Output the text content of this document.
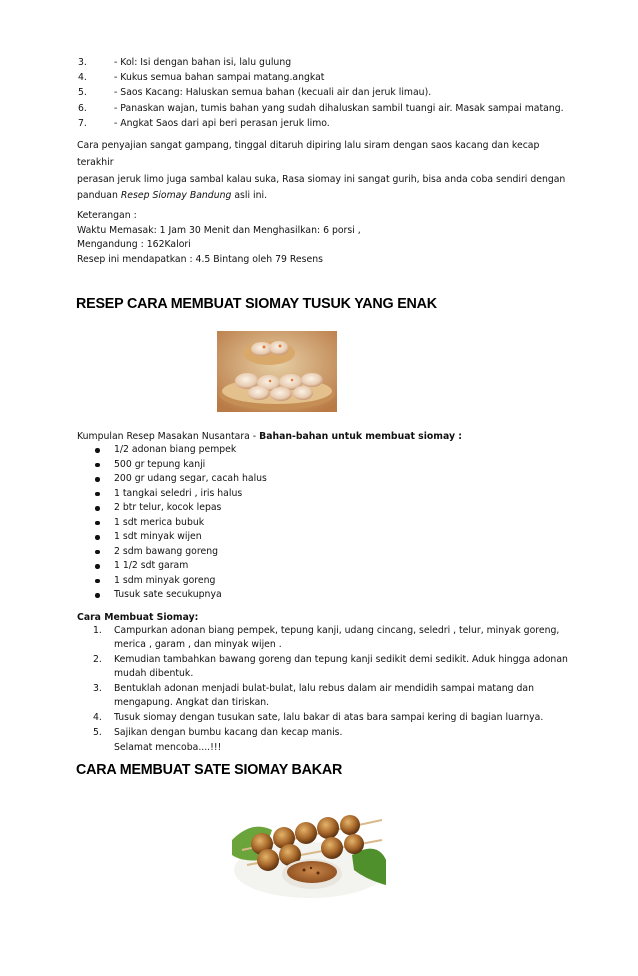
3.	- Kol: Isi dengan bahan isi, lalu gulung
4.	- Kukus semua bahan sampai matang.angkat
5.	- Saos Kacang: Haluskan semua bahan (kecuali air dan jeruk limau).
6.	- Panaskan wajan, tumis bahan yang sudah dihaluskan sambil tuangi air. Masak sampai matang.
7.	- Angkat Saos dari api beri perasan jeruk limo.
Cara penyajian sangat gampang, tinggal ditaruh dipiring lalu siram dengan saos kacang dan kecap terakhir
perasan jeruk limo juga sambal kalau suka, Rasa siomay ini sangat gurih, bisa anda coba sendiri dengan
panduan Resep Siomay Bandung asli ini.
Keterangan :
Waktu Memasak: 1 Jam 30 Menit dan Menghasilkan: 6 porsi ,
Mengandung : 162Kalori
Resep ini mendapatkan : 4.5 Bintang oleh 79 Resens
RESEP CARA MEMBUAT SIOMAY TUSUK YANG ENAK
Kumpulan Resep Masakan Nusantara - Bahan-bahan untuk membuat siomay :
1/2 adonan biang pempek
500 gr tepung kanji
200 gr udang segar, cacah halus
1 tangkai seledri , iris halus
2 btr telur, kocok lepas
1 sdt merica bubuk
1 sdt minyak wijen
2 sdm bawang goreng
1 1/2 sdt garam
1 sdm minyak goreng
Tusuk sate secukupnya
Cara Membuat Siomay:
1.	Campurkan adonan biang pempek, tepung kanji, udang cincang, seledri , telur, minyak goreng, merica , garam , dan minyak wijen .
2.	Kemudian tambahkan bawang goreng dan tepung kanji sedikit demi sedikit. Aduk hingga adonan mudah dibentuk.
3.	Bentuklah adonan menjadi bulat-bulat, lalu rebus dalam air mendidih sampai matang dan mengapung. Angkat dan tiriskan.
4.	Tusuk siomay dengan tusukan sate, lalu bakar di atas bara sampai kering di bagian luarnya.
5.	Sajikan dengan bumbu kacang dan kecap manis.
Selamat mencoba....!!!
CARA MEMBUAT SATE SIOMAY BAKAR
